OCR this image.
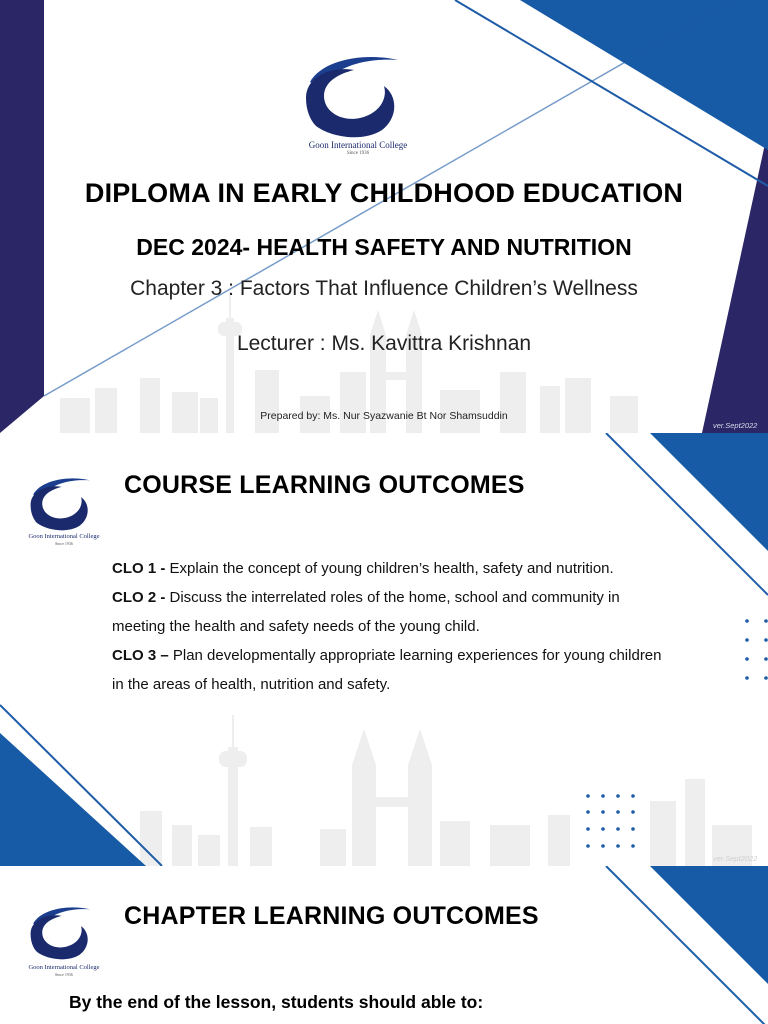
Goon International College
Since 1936
DIPLOMA IN EARLY CHILDHOOD EDUCATION
DEC 2024- HEALTH SAFETY AND NUTRITION
Chapter 3 : Factors That Influence Children’s Wellness
Lecturer : Ms. Kavittra Krishnan
Prepared by: Ms. Nur Syazwanie Bt Nor Shamsuddin
ver.Sept2022
Goon International College
Since 1936
COURSE LEARNING OUTCOMES

CLO 1 - Explain the concept of young children’s health, safety and nutrition.

CLO 2 - Discuss the interrelated roles of the home, school and community in meeting the health and safety needs of the young child.

CLO 3 – Plan developmentally appropriate learning experiences for young children in the areas of health, nutrition and safety.

ver.Sept2022
Goon International College
Since 1936
CHAPTER LEARNING OUTCOMES
By the end of the lesson, students should able to:
